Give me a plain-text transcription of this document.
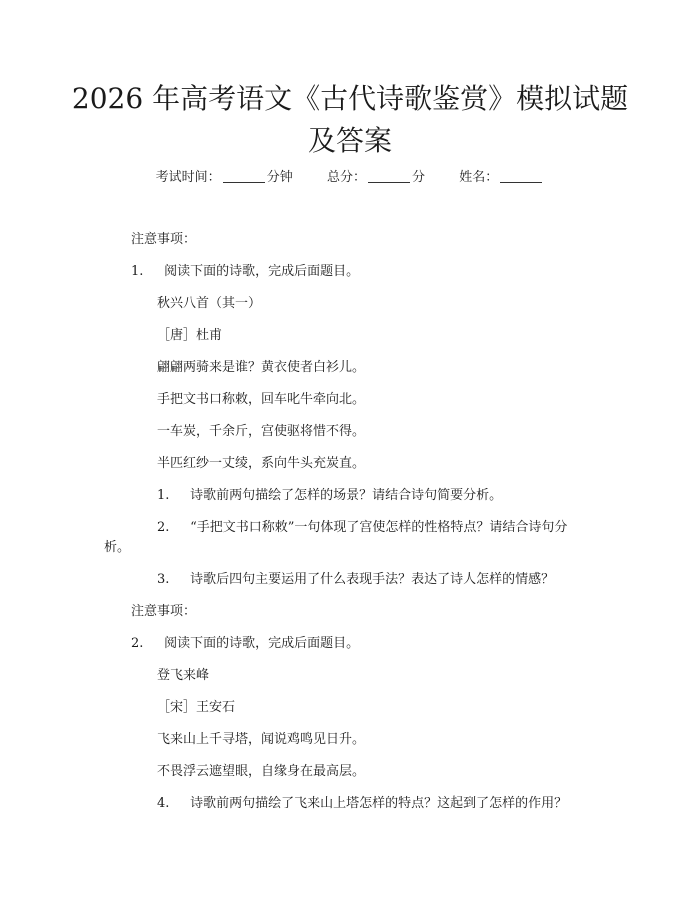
2026 年高考语文《古代诗歌鉴赏》模拟试题
及答案
考试时间：	分钟	总分：	分	姓名：
注意事项：
1. 阅读下面的诗歌，完成后面题目。
秋兴八首（其一）
［唐］杜甫
翩翩两骑来是谁？黄衣使者白衫儿。
手把文书口称敕，回车叱牛牵向北。
一车炭，千余斤，宫使驱将惜不得。
半匹红纱一丈绫，系向牛头充炭直。
1. 诗歌前两句描绘了怎样的场景？请结合诗句简要分析。
2. “手把文书口称敕”一句体现了宫使怎样的性格特点？请结合诗句分
析。
3. 诗歌后四句主要运用了什么表现手法？表达了诗人怎样的情感？
注意事项：
2. 阅读下面的诗歌，完成后面题目。
登飞来峰
［宋］王安石
飞来山上千寻塔，闻说鸡鸣见日升。
不畏浮云遮望眼，自缘身在最高层。
4. 诗歌前两句描绘了飞来山上塔怎样的特点？这起到了怎样的作用？
